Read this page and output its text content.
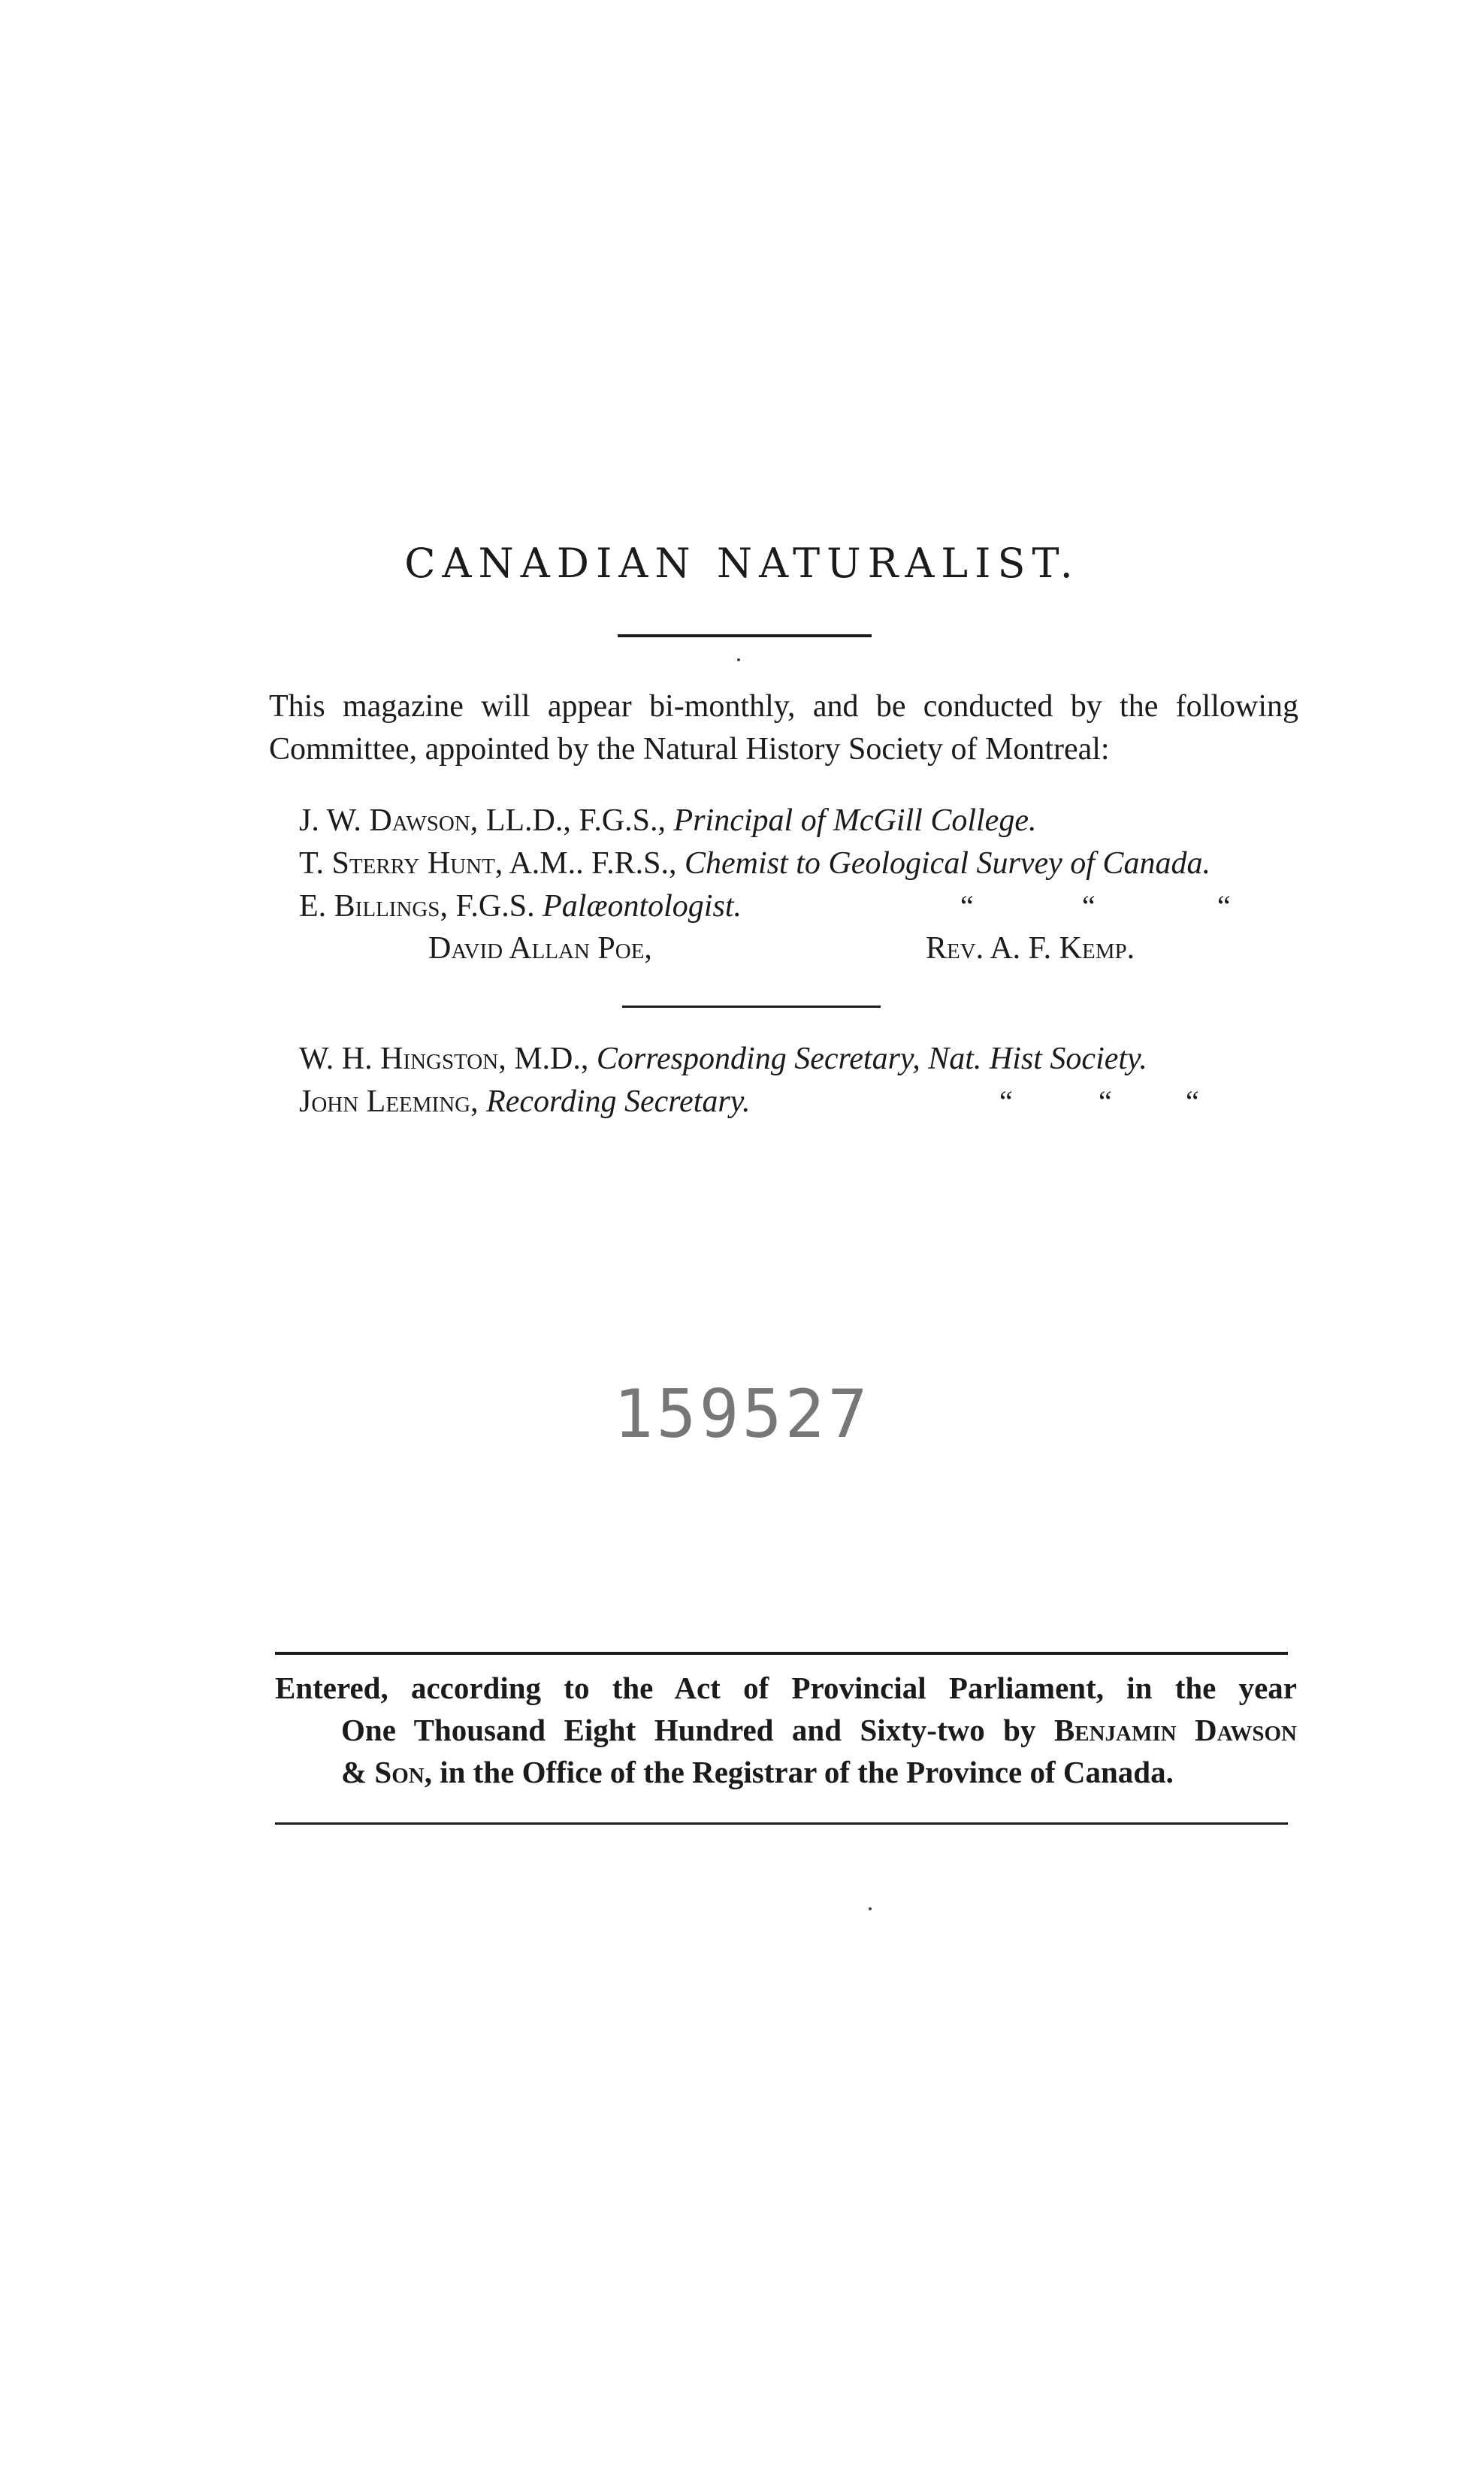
CANADIAN NATURALIST.
This magazine will appear bi-monthly, and be conducted by the following Committee, appointed by the Natural History Society of Montreal:
J. W. Dawson, LL.D., F.G.S., Principal of McGill College.
T. Sterry Hunt, A.M.. F.R.S., Chemist to Geological Survey of Canada.
E. Billings, F.G.S. Palæontologist.	“	“	“
David Allan Poe,	Rev. A. F. Kemp.
W. H. Hingston, M.D., Corresponding Secretary, Nat. Hist Society.
John Leeming, Recording Secretary.	“	“ “
159527
Entered, according to the Act of Provincial Parliament, in the year
One Thousand Eight Hundred and Sixty-two by Benjamin Dawson
& Son, in the Office of the Registrar of the Province of Canada.
